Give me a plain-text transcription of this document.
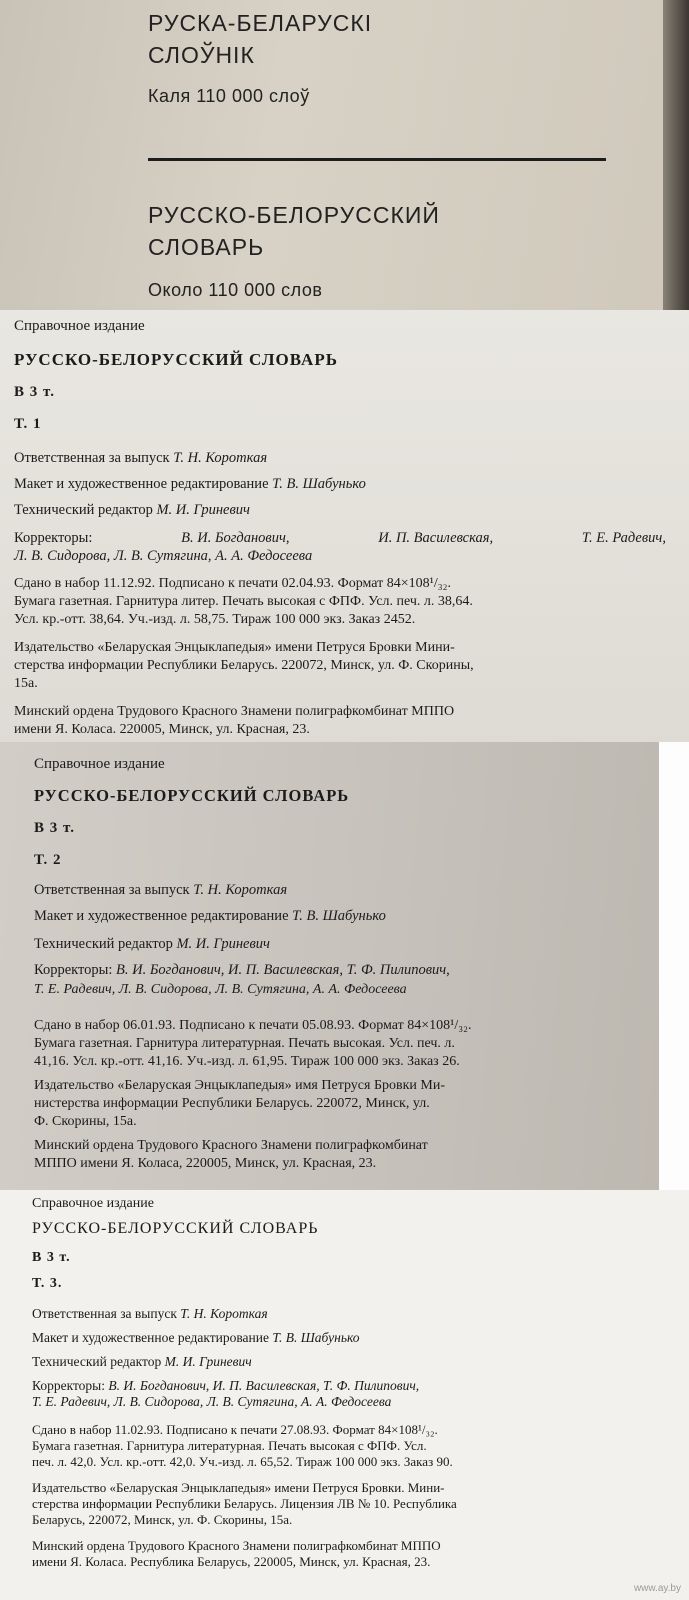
РУСКА-БЕЛАРУСКІ
СЛОЎНІК
Каля 110 000 слоў
РУССКО-БЕЛОРУССКИЙ
СЛОВАРЬ
Около 110 000 слов
Справочное издание
РУССКО-БЕЛОРУССКИЙ СЛОВАРЬ
В 3 т.
Т. 1
Ответственная за выпуск Т. Н. Короткая
Макет и художественное редактирование Т. В. Шабунько
Технический редактор М. И. Гриневич
Корректоры:	В. И. Богданович,	И. П. Василевская,	Т. Е. Радевич,
Л. В. Сидорова, Л. В. Сутягина, А. А. Федосеева
Сдано в набор 11.12.92. Подписано к печати 02.04.93. Формат 84×108¹/₃₂.
Бумага газетная. Гарнитура литер. Печать высокая с ФПФ. Усл. печ. л. 38,64.
Усл. кр.-отт. 38,64. Уч.-изд. л. 58,75. Тираж 100 000 экз. Заказ 2452.
Издательство «Беларуская Энцыклапедыя» имени Петруся Бровки Мини-
стерства информации Республики Беларусь. 220072, Минск, ул. Ф. Скорины,
15а.
Минский ордена Трудового Красного Знамени полиграфкомбинат МППО
имени Я. Коласа. 220005, Минск, ул. Красная, 23.
Справочное издание
РУССКО-БЕЛОРУССКИЙ СЛОВАРЬ
В 3 т.
Т. 2
Ответственная за выпуск Т. Н. Короткая
Макет и художественное редактирование Т. В. Шабунько
Технический редактор М. И. Гриневич
Корректоры: В. И. Богданович, И. П. Василевская, Т. Ф. Пилипович,
Т. Е. Радевич, Л. В. Сидорова, Л. В. Сутягина, А. А. Федосеева
Сдано в набор 06.01.93. Подписано к печати 05.08.93. Формат 84×108¹/₃₂.
Бумага газетная. Гарнитура литературная. Печать высокая. Усл. печ. л.
41,16. Усл. кр.-отт. 41,16. Уч.-изд. л. 61,95. Тираж 100 000 экз. Заказ 26.
Издательство «Беларуская Энцыклапедыя» имя Петруся Бровки Ми-
нистерства информации Республики Беларусь. 220072, Минск, ул.
Ф. Скорины, 15а.
Минский ордена Трудового Красного Знамени полиграфкомбинат
МППО имени Я. Коласа, 220005, Минск, ул. Красная, 23.
Справочное издание
РУССКО-БЕЛОРУССКИЙ СЛОВАРЬ
В 3 т.
Т. 3.
Ответственная за выпуск Т. Н. Короткая
Макет и художественное редактирование Т. В. Шабунько
Технический редактор М. И. Гриневич
Корректоры: В. И. Богданович, И. П. Василевская, Т. Ф. Пилипович,
Т. Е. Радевич, Л. В. Сидорова, Л. В. Сутягина, А. А. Федосеева
Сдано в набор 11.02.93. Подписано к печати 27.08.93. Формат 84×108¹/₃₂.
Бумага газетная. Гарнитура литературная. Печать высокая с ФПФ. Усл.
печ. л. 42,0. Усл. кр.-отт. 42,0. Уч.-изд. л. 65,52. Тираж 100 000 экз. Заказ 90.
Издательство «Беларуская Энцыклапедыя» имени Петруся Бровки. Мини-
стерства информации Республики Беларусь. Лицензия ЛВ № 10. Республика
Беларусь, 220072, Минск, ул. Ф. Скорины, 15а.
Минский ордена Трудового Красного Знамени полиграфкомбинат МППО
имени Я. Коласа. Республика Беларусь, 220005, Минск, ул. Красная, 23.
www.ay.by
